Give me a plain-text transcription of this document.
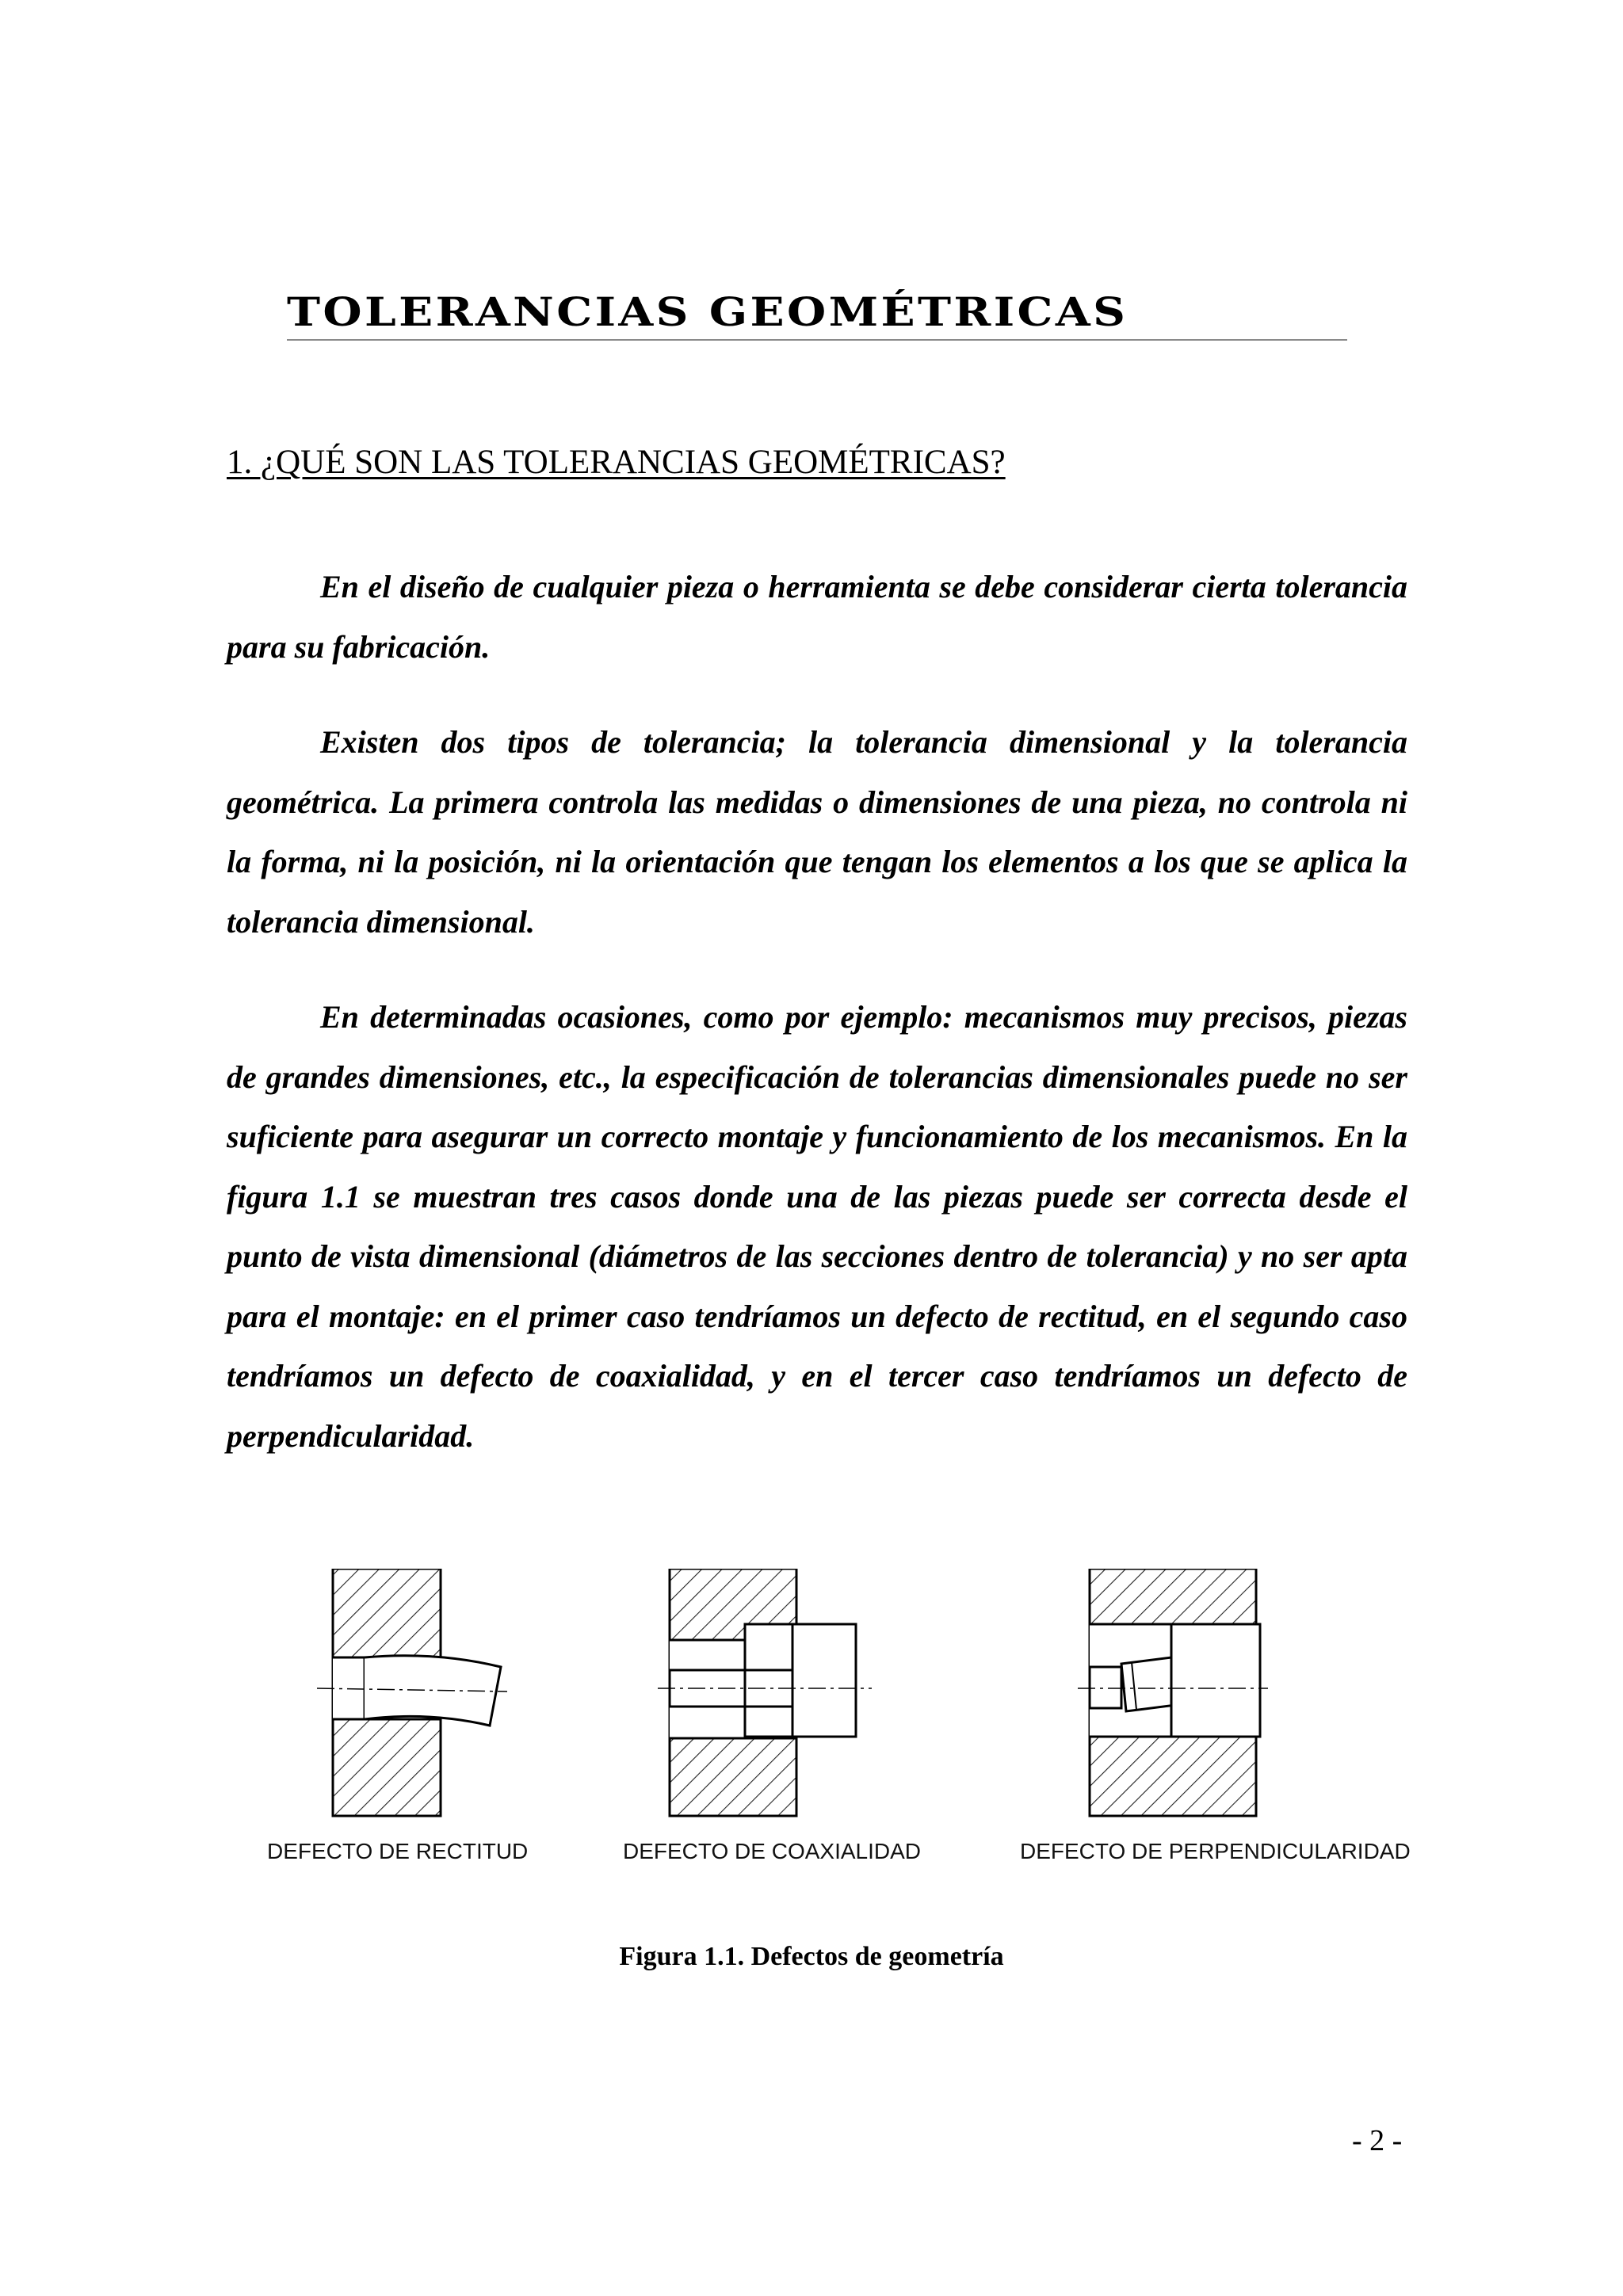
TOLERANCIAS GEOMÉTRICAS
1. ¿QUÉ SON LAS TOLERANCIAS GEOMÉTRICAS?

En el diseño de cualquier pieza o herramienta se debe considerar cierta tolerancia para su fabricación.

Existen dos tipos de tolerancia; la tolerancia dimensional y la tolerancia geométrica. La primera controla las medidas o dimensiones de una pieza, no controla ni la forma, ni la posición, ni la orientación que tengan los elementos a los que se aplica la tolerancia dimensional.

En determinadas ocasiones, como por ejemplo: mecanismos muy precisos, piezas de grandes dimensiones, etc., la especificación de tolerancias dimensionales puede no ser suficiente para asegurar un correcto montaje y funcionamiento de los mecanismos. En la figura 1.1 se muestran tres casos donde una de las piezas puede ser correcta desde el punto de vista dimensional (diámetros de las secciones dentro de tolerancia) y no ser apta para el montaje: en el primer caso tendríamos un defecto de rectitud, en el segundo caso tendríamos un defecto de coaxialidad, y en el tercer caso tendríamos un defecto de perpendicularidad.

DEFECTO DE RECTITUD	DEFECTO DE COAXIALIDAD	DEFECTO DE PERPENDICULARIDAD
Figura 1.1. Defectos de geometría
- 2 -
